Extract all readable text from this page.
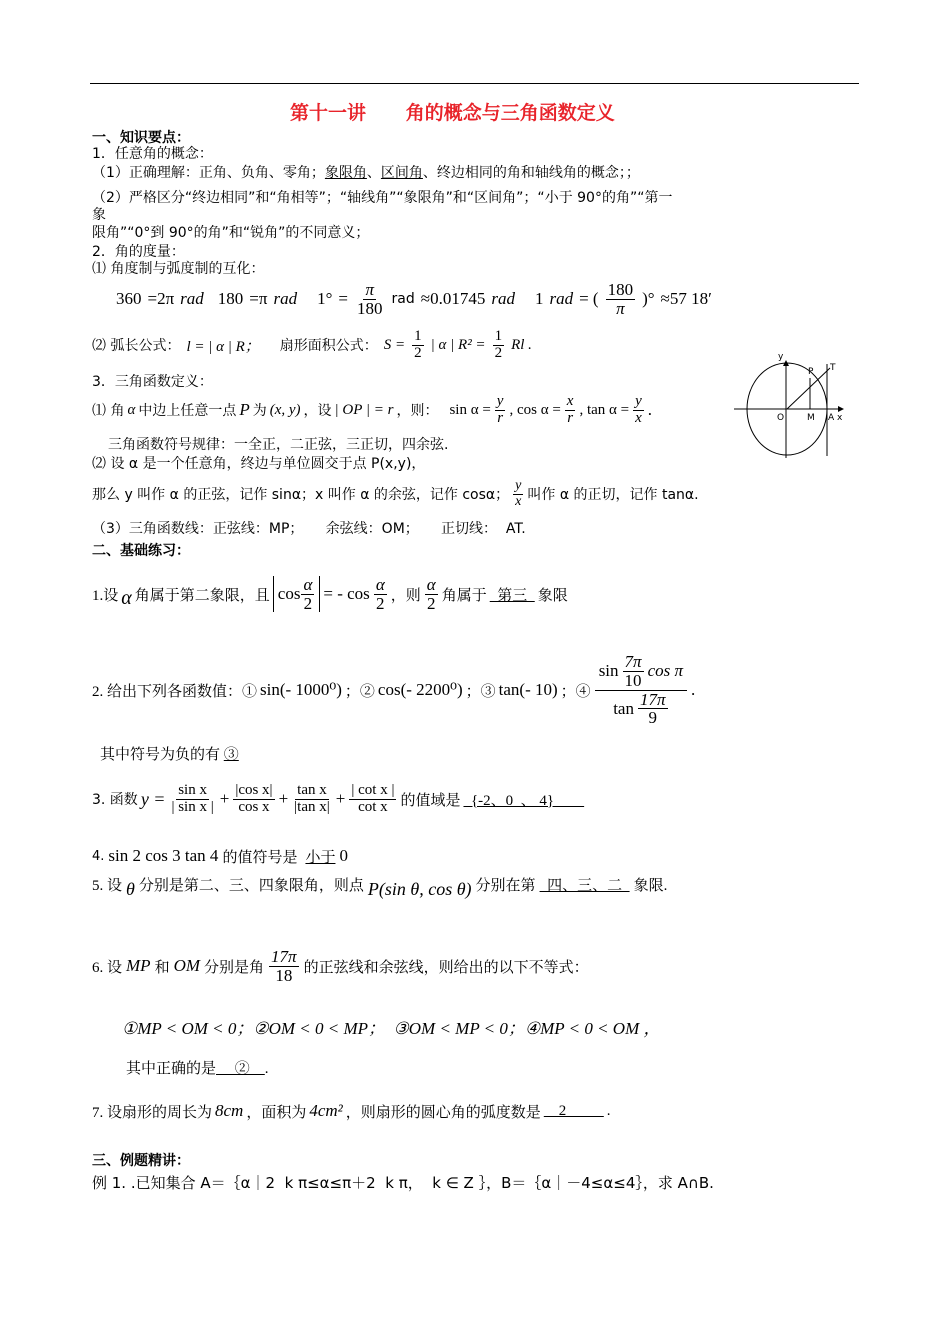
第十一讲      角的概念与三角函数定义
一、知识要点：
1．任意角的概念：
（1）正确理解：正角、负角、零角；象限角、区间角、终边相同的角和轴线角的概念；；
（2）严格区分“终边相同”和“角相等”；“轴线角”“象限角”和“区间角”；“小于 90°的角”“第一
象
限角”“0°到 90°的角”和“锐角”的不同意义；
2．角的度量：
⑴ 角度制与弧度制的互化：
360 =2π rad 180 =π rad $1^\circ = \frac{\pi}{180}$ rad ≈0.01745 rad 1 rad = ( $\frac{180}{\pi}$ )° ≈57 18′
⑵ 弧长公式： l = | α | R； 扇形面积公式： $S = \frac{1}{2}$ | α | $R^2 = \frac{1}{2}$ Rl .
3．三角函数定义：
⑴ 角 α 中边上任意一点 P 为 (x, y) ，设 | OP | = r ，则： $\sin \alpha = \frac{y}{r}$ , $\cos \alpha = \frac{x}{r}$ , $\tan \alpha = \frac{y}{x}$ .
三角函数符号规律：一全正，二正弦，三正切，四余弦.
⑵ 设 α 是一个任意角，终边与单位圆交于点 P(x,y)，
那么 y 叫作 α 的正弦，记作 sinα；x 叫作 α 的余弦，记作 cosα； $\frac{y}{x}$ 叫作 α 的正切，记作 tanα.
（3）三角函数线：正弦线：MP；     余弦线：OM；     正切线：  AT.
y
P T
O	M A x
二、基础练习：
1.设 α 角属于第二象限，且 $\cos \frac{\alpha}{2}$ = - $\cos \frac{\alpha}{2}$ ，则 $\frac{\alpha}{2}$ 角属于 第三 象限
2. 给出下列各函数值：① sin(- 1000⁰) ；② cos(- 2200⁰) ；③ tan(- 10) ；④ $\frac{\sin \frac{7\pi}{10} \cos \pi}{\tan \frac{17\pi}{9}}$ .
其中符号为负的有 ③
3. 函数 $y = \frac{\text{sin x}}{\text{| sin x |}} + \frac{\text{|cos x|}}{\text{cos x}} + \frac{\text{tan x}}{\text{|tan x|}} + \frac{\text{| cot x |}}{\text{cot x}}$ 的值域是 {-2、0  、 4}
4. sin 2 cos 3 tan 4 的值符号是 小于 0
5. 设 θ 分别是第二、三、四象限角，则点 P(sin θ, cos θ) 分别在第 四、三、二 象限.
6. 设 MP 和 OM 分别是角 $\frac{17\pi}{18}$ 的正弦线和余弦线，则给出的以下不等式：
①MP < OM < 0；②OM < 0 < MP；  ③OM < MP < 0；④MP < 0 < OM ，
其中正确的是     ②    .
7. 设扇形的周长为 8cm ，面积为 4cm² ，则扇形的圆心角的弧度数是 2 .
三、例题精讲：
例 1. .已知集合 A＝｛α｜2  k π≤α≤π＋2  k π，  k ∈ Z ｝，B＝｛α｜－4≤α≤4｝，求 A∩B.
